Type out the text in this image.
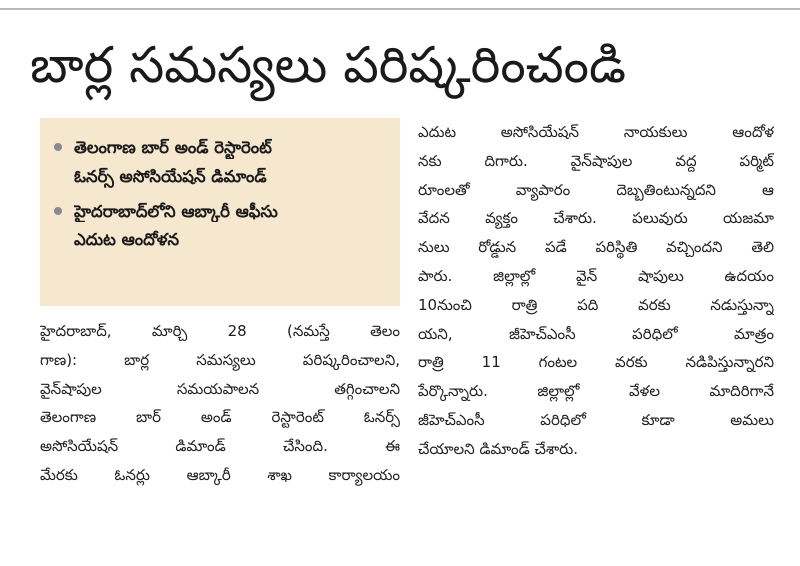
బార్ల సమస్యలు పరిష్కరించండి
తెలంగాణ బార్ అండ్ రెస్టారెంట్
ఓనర్స్ అసోసియేషన్ డిమాండ్
హైదరాబాద్‌లోని ఆబ్కారీ ఆఫీసు
ఎదుట ఆందోళన
హైదరాబాద్, మార్చి 28 (నమస్తే తెలం
గాణ): బార్ల సమస్యలు పరిష్కరించాలని,
వైన్‌షాపుల సమయపాలన తగ్గించాలని
తెలంగాణ బార్ అండ్ రెస్టారెంట్ ఓనర్స్
అసోసియేషన్ డిమాండ్ చేసింది. ఈ
మేరకు ఓనర్లు ఆబ్కారీ శాఖ కార్యాలయం
ఎదుట అసోసియేషన్ నాయకులు ఆందోళ
నకు దిగారు. వైన్‌షాపుల వద్ద పర్మిట్
రూంలతో వ్యాపారం దెబ్బతింటున్నదని ఆ
వేదన వ్యక్తం చేశారు. పలువురు యజమా
నులు రోడ్డున పడే పరిస్థితి వచ్చిందని తెలి
పారు. జిల్లాల్లో వైన్ షాపులు ఉదయం
10నుంచి రాత్రి పది వరకు నడుస్తున్నా
యని, జీహెచ్ఎంసీ పరిధిలో మాత్రం
రాత్రి 11 గంటల వరకు నడిపిస్తున్నారని
పేర్కొన్నారు. జిల్లాల్లో వేళల మాదిరిగానే
జీహెచ్ఎంసీ పరిధిలో కూడా అమలు
చేయాలని డిమాండ్ చేశారు.
